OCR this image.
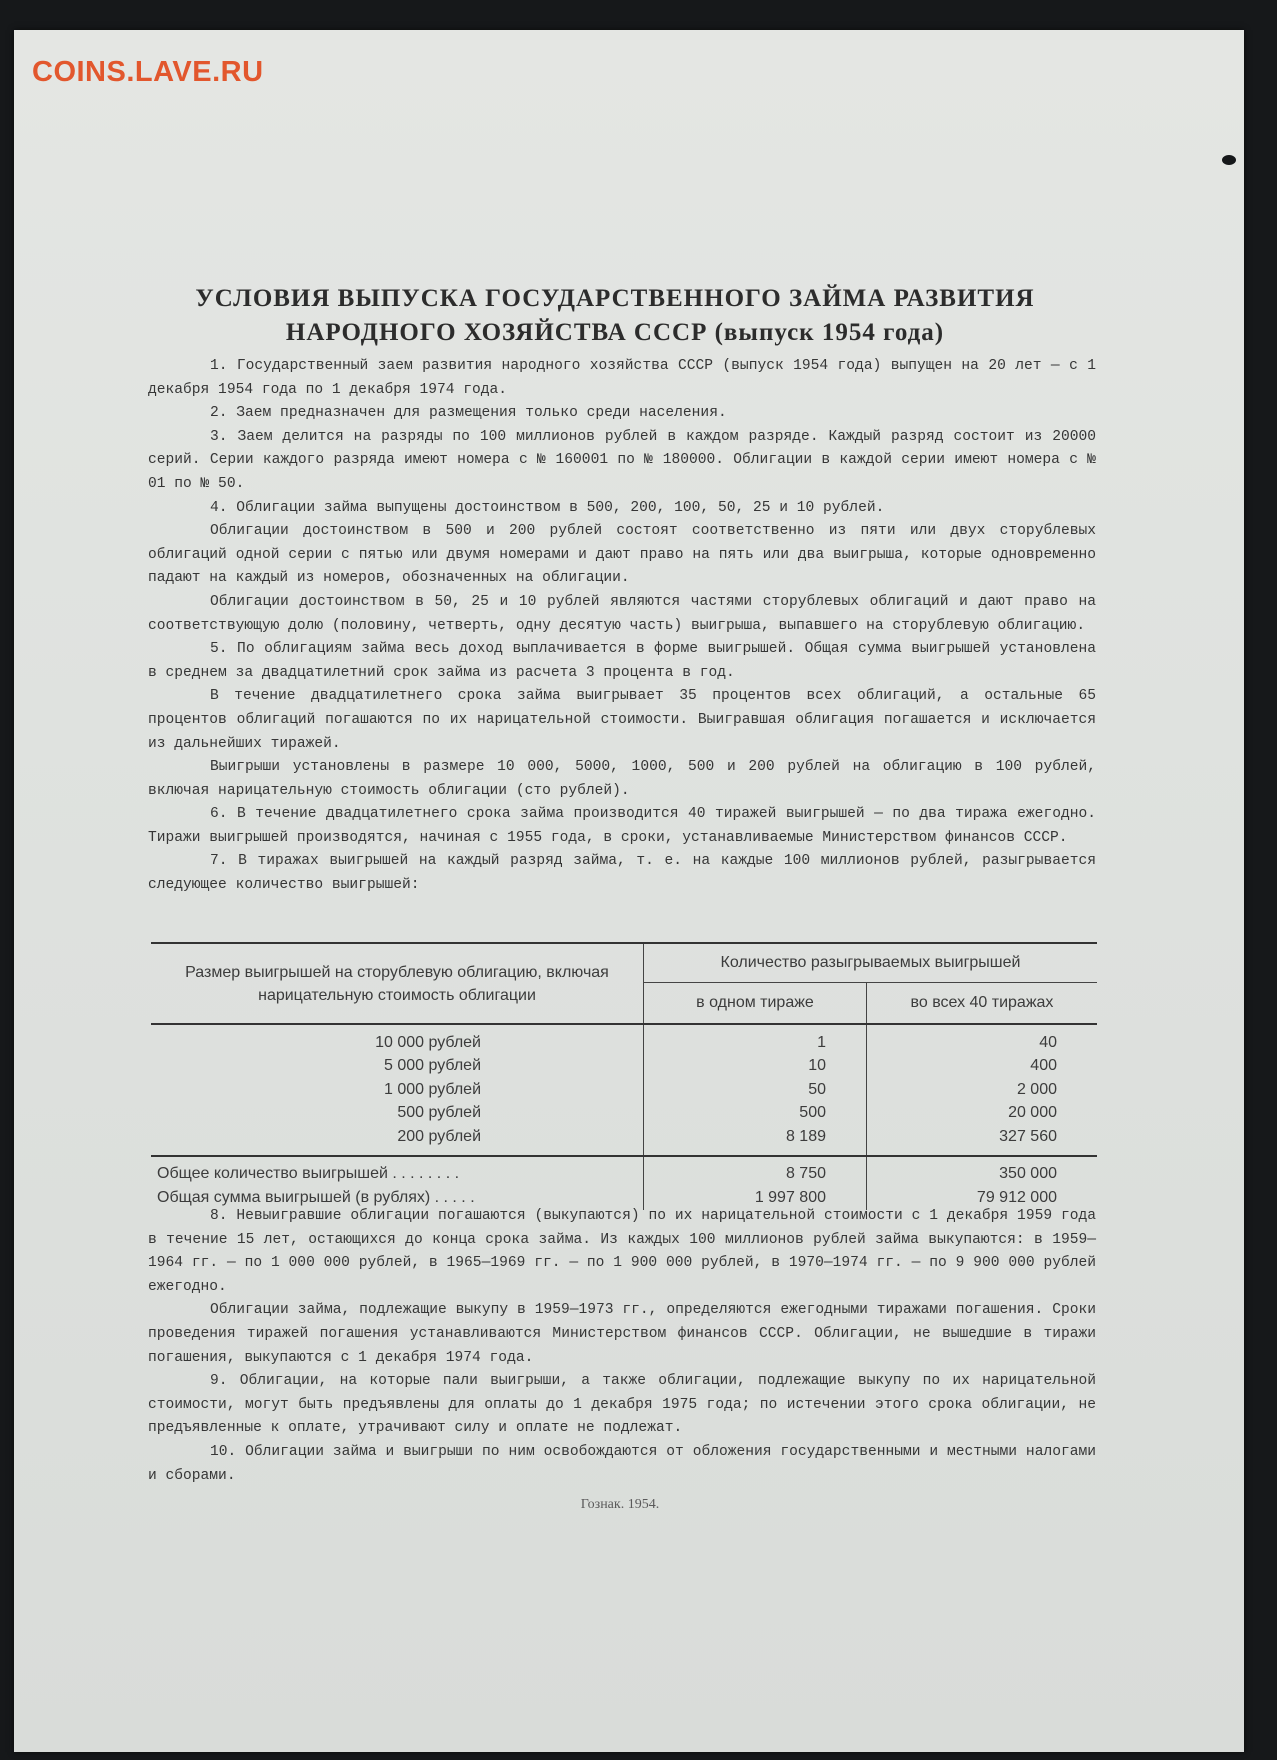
COINS.LAVE.RU
УСЛОВИЯ ВЫПУСКА ГОСУДАРСТВЕННОГО ЗАЙМА РАЗВИТИЯ
НАРОДНОГО ХОЗЯЙСТВА СССР (выпуск 1954 года)

1. Государственный заем развития народного хозяйства СССР (выпуск 1954 года) выпущен на 20 лет — с 1 декабря 1954 года по 1 декабря 1974 года.

2. Заем предназначен для размещения только среди населения.

3. Заем делится на разряды по 100 миллионов рублей в каждом разряде. Каждый разряд состоит из 20000 серий. Серии каждого разряда имеют номера с № 160001 по № 180000. Облигации в каждой серии имеют номера с № 01 по № 50.

4. Облигации займа выпущены достоинством в 500, 200, 100, 50, 25 и 10 рублей.

Облигации достоинством в 500 и 200 рублей состоят соответственно из пяти или двух сторублевых облигаций одной серии с пятью или двумя номерами и дают право на пять или два выигрыша, которые одновременно падают на каждый из номеров, обозначенных на облигации.

Облигации достоинством в 50, 25 и 10 рублей являются частями сторублевых облигаций и дают право на соответствующую долю (половину, четверть, одну десятую часть) выигрыша, выпавшего на сторублевую облигацию.

5. По облигациям займа весь доход выплачивается в форме выигрышей. Общая сумма выигрышей установлена в среднем за двадцатилетний срок займа из расчета 3 процента в год.

В течение двадцатилетнего срока займа выигрывает 35 процентов всех облигаций, а остальные 65 процентов облигаций погашаются по их нарицательной стоимости. Выигравшая облигация погашается и исключается из дальнейших тиражей.

Выигрыши установлены в размере 10 000, 5000, 1000, 500 и 200 рублей на облигацию в 100 рублей, включая нарицательную стоимость облигации (сто рублей).

6. В течение двадцатилетнего срока займа производится 40 тиражей выигрышей — по два тиража ежегодно. Тиражи выигрышей производятся, начиная с 1955 года, в сроки, устанавливаемые Министерством финансов СССР.

7. В тиражах выигрышей на каждый разряд займа, т. е. на каждые 100 миллионов рублей, разыгрывается следующее количество выигрышей:

Размер выигрышей на сторублевую облигацию, включая нарицательную стоимость облигации	Количество разыгрываемых выигрышей	
	в одном тираже	во всех 40 тиражах
10 000 рублей	1	40
5 000 рублей	10	400
1 000 рублей	50	2 000
500 рублей	500	20 000
200 рублей	8 189	327 560
Общее количество выигрышей . . . . . . . .	8 750	350 000
Общая сумма выигрышей (в рублях) . . . . .	1 997 800	79 912 000

8. Невыигравшие облигации погашаются (выкупаются) по их нарицательной стоимости с 1 декабря 1959 года в течение 15 лет, остающихся до конца срока займа. Из каждых 100 миллионов рублей займа выкупаются: в 1959—1964 гг. — по 1 000 000 рублей, в 1965—1969 гг. — по 1 900 000 рублей, в 1970—1974 гг. — по 9 900 000 рублей ежегодно.

Облигации займа, подлежащие выкупу в 1959—1973 гг., определяются ежегодными тиражами погашения. Сроки проведения тиражей погашения устанавливаются Министерством финансов СССР. Облигации, не вышедшие в тиражи погашения, выкупаются с 1 декабря 1974 года.

9. Облигации, на которые пали выигрыши, а также облигации, подлежащие выкупу по их нарицательной стоимости, могут быть предъявлены для оплаты до 1 декабря 1975 года; по истечении этого срока облигации, не предъявленные к оплате, утрачивают силу и оплате не подлежат.

10. Облигации займа и выигрыши по ним освобождаются от обложения государственными и местными налогами и сборами.

Гознак. 1954.
